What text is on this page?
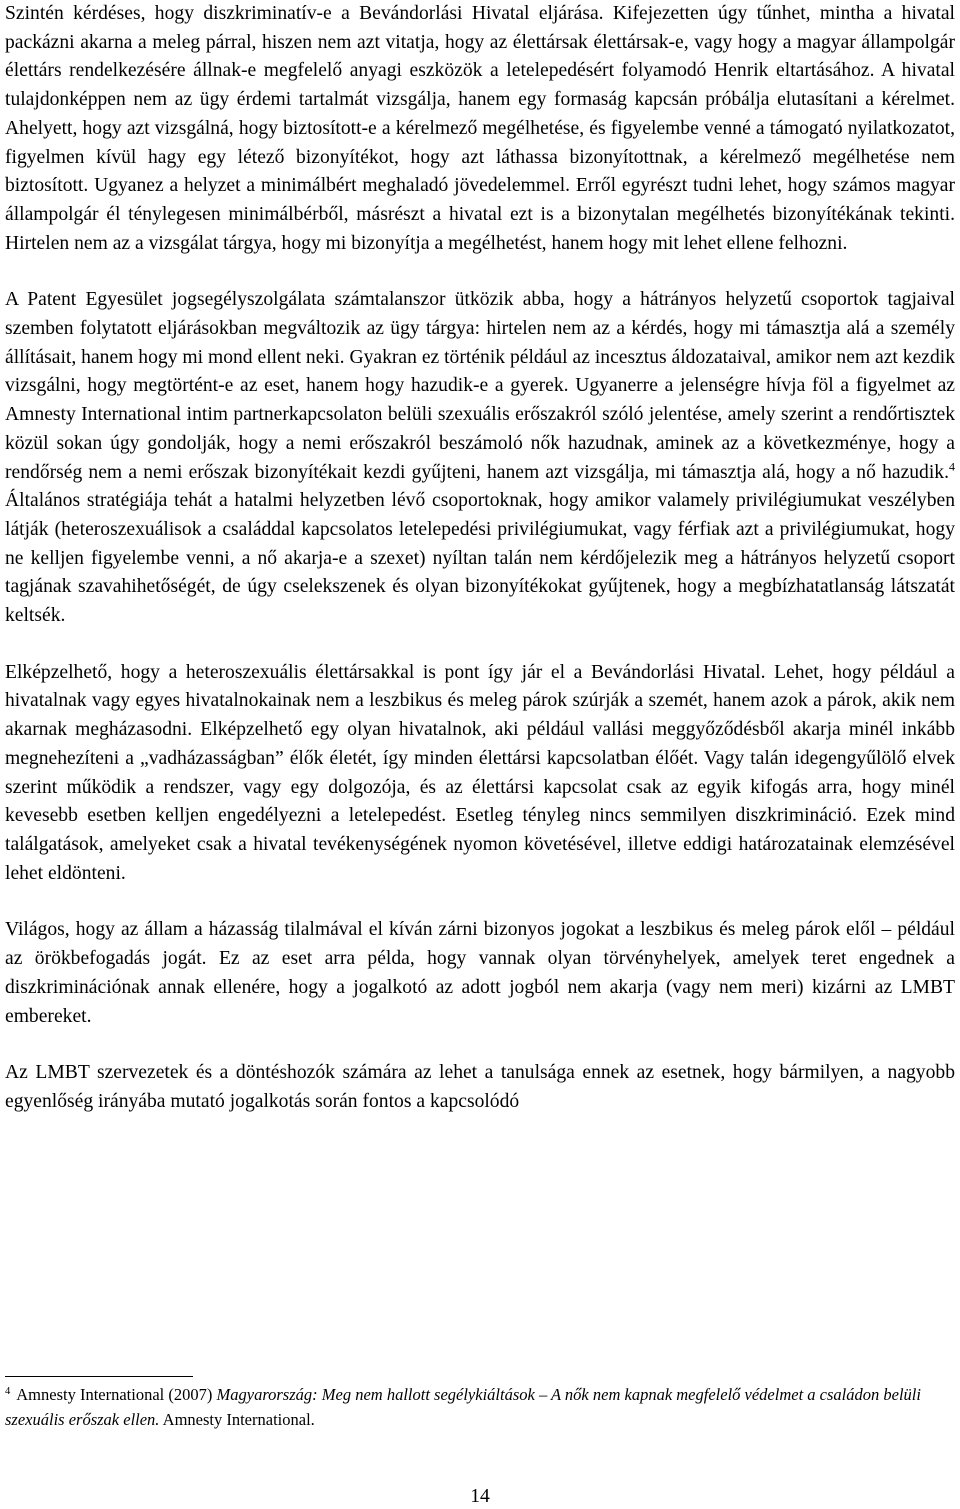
Szintén kérdéses, hogy diszkriminatív-e a Bevándorlási Hivatal eljárása. Kifejezetten úgy tűnhet, mintha a hivatal packázni akarna a meleg párral, hiszen nem azt vitatja, hogy az élettársak élettársak-e, vagy hogy a magyar állampolgár élettárs rendelkezésére állnak-e megfelelő anyagi eszközök a letelepedésért folyamodó Henrik eltartásához. A hivatal tulajdonképpen nem az ügy érdemi tartalmát vizsgálja, hanem egy formaság kapcsán próbálja elutasítani a kérelmet. Ahelyett, hogy azt vizsgálná, hogy biztosított-e a kérelmező megélhetése, és figyelembe venné a támogató nyilatkozatot, figyelmen kívül hagy egy létező bizonyítékot, hogy azt láthassa bizonyítottnak, a kérelmező megélhetése nem biztosított. Ugyanez a helyzet a minimálbért meghaladó jövedelemmel. Erről egyrészt tudni lehet, hogy számos magyar állampolgár él ténylegesen minimálbérből, másrészt a hivatal ezt is a bizonytalan megélhetés bizonyítékának tekinti. Hirtelen nem az a vizsgálat tárgya, hogy mi bizonyítja a megélhetést, hanem hogy mit lehet ellene felhozni.

A Patent Egyesület jogsegélyszolgálata számtalanszor ütközik abba, hogy a hátrányos helyzetű csoportok tagjaival szemben folytatott eljárásokban megváltozik az ügy tárgya: hirtelen nem az a kérdés, hogy mi támasztja alá a személy állításait, hanem hogy mi mond ellent neki. Gyakran ez történik például az incesztus áldozataival, amikor nem azt kezdik vizsgálni, hogy megtörtént-e az eset, hanem hogy hazudik-e a gyerek. Ugyanerre a jelenségre hívja föl a figyelmet az Amnesty International intim partnerkapcsolaton belüli szexuális erőszakról szóló jelentése, amely szerint a rendőrtisztek közül sokan úgy gondolják, hogy a nemi erőszakról beszámoló nők hazudnak, aminek az a következménye, hogy a rendőrség nem a nemi erőszak bizonyítékait kezdi gyűjteni, hanem azt vizsgálja, mi támasztja alá, hogy a nő hazudik.$^4$ Általános stratégiája tehát a hatalmi helyzetben lévő csoportoknak, hogy amikor valamely privilégiumukat veszélyben látják (heteroszexuálisok a családdal kapcsolatos letelepedési privilégiumukat, vagy férfiak azt a privilégiumukat, hogy ne kelljen figyelembe venni, a nő akarja-e a szexet) nyíltan talán nem kérdőjelezik meg a hátrányos helyzetű csoport tagjának szavahihetőségét, de úgy cselekszenek és olyan bizonyítékokat gyűjtenek, hogy a megbízhatatlanság látszatát keltsék.

Elképzelhető, hogy a heteroszexuális élettársakkal is pont így jár el a Bevándorlási Hivatal. Lehet, hogy például a hivatalnak vagy egyes hivatalnokainak nem a leszbikus és meleg párok szúrják a szemét, hanem azok a párok, akik nem akarnak megházasodni. Elképzelhető egy olyan hivatalnok, aki például vallási meggyőződésből akarja minél inkább megnehezíteni a „vadházasságban” élők életét, így minden élettársi kapcsolatban élőét. Vagy talán idegengyűlölő elvek szerint működik a rendszer, vagy egy dolgozója, és az élettársi kapcsolat csak az egyik kifogás arra, hogy minél kevesebb esetben kelljen engedélyezni a letelepedést. Esetleg tényleg nincs semmilyen diszkrimináció. Ezek mind találgatások, amelyeket csak a hivatal tevékenységének nyomon követésével, illetve eddigi határozatainak elemzésével lehet eldönteni.

Világos, hogy az állam a házasság tilalmával el kíván zárni bizonyos jogokat a leszbikus és meleg párok elől – például az örökbefogadás jogát. Ez az eset arra példa, hogy vannak olyan törvényhelyek, amelyek teret engednek a diszkriminációnak annak ellenére, hogy a jogalkotó az adott jogból nem akarja (vagy nem meri) kizárni az LMBT embereket.

Az LMBT szervezetek és a döntéshozók számára az lehet a tanulsága ennek az esetnek, hogy bármilyen, a nagyobb egyenlőség irányába mutató jogalkotás során fontos a kapcsolódó

$^4$ Amnesty International (2007) Magyarország: Meg nem hallott segélykiáltások – A nők nem kapnak megfelelő védelmet a családon belüli szexuális erőszak ellen. Amnesty International.
14
